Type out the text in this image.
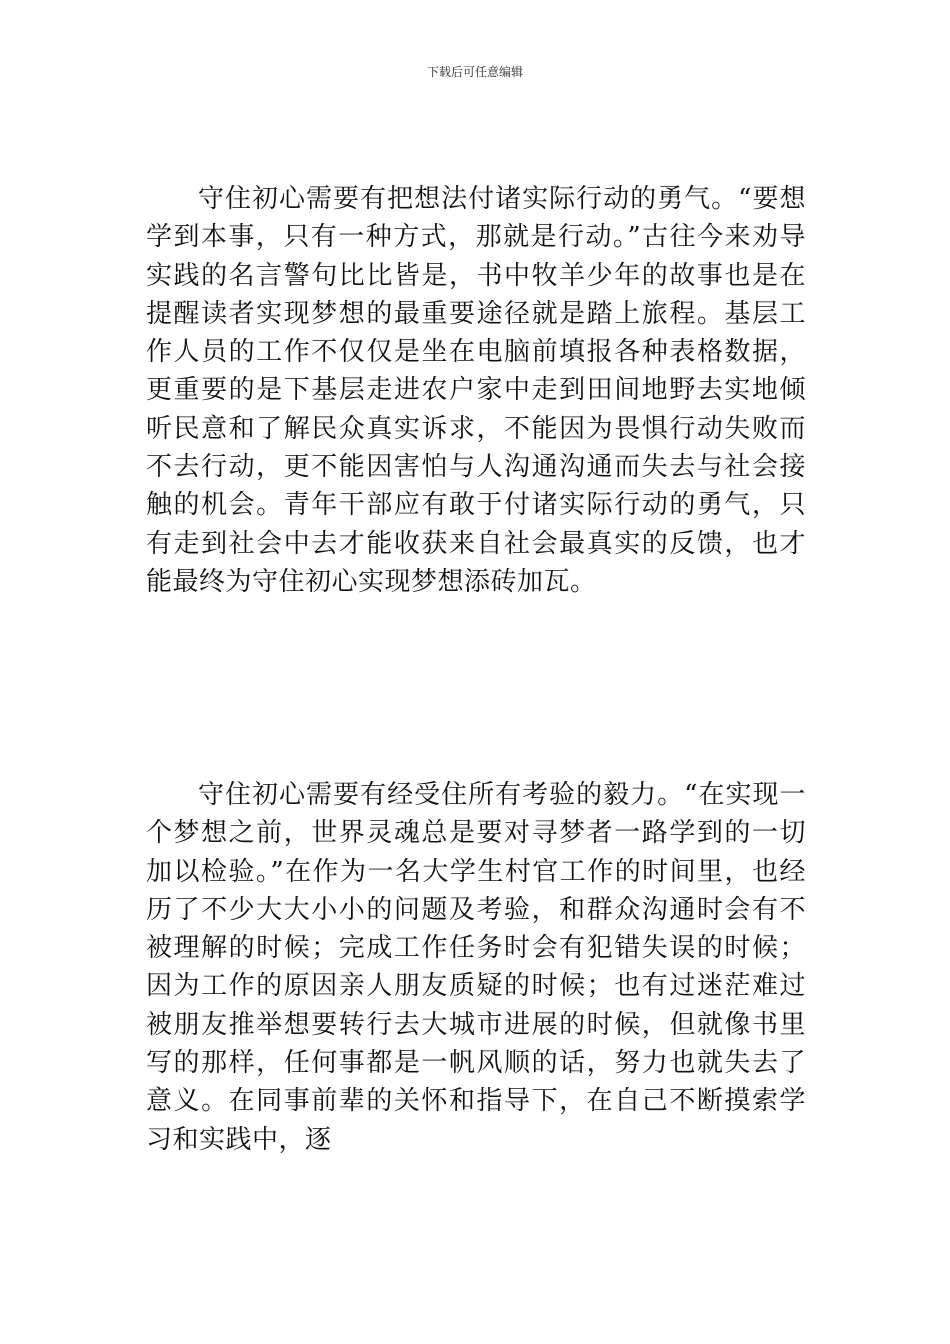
下载后可任意编辑

守住初心需要有把想法付诸实际行动的勇气。“要想学到本事，只有一种方式，那就是行动。”古往今来劝导实践的名言警句比比皆是，书中牧羊少年的故事也是在提醒读者实现梦想的最重要途径就是踏上旅程。基层工作人员的工作不仅仅是坐在电脑前填报各种表格数据，更重要的是下基层走进农户家中走到田间地野去实地倾听民意和了解民众真实诉求，不能因为畏惧行动失败而不去行动，更不能因害怕与人沟通沟通而失去与社会接触的机会。青年干部应有敢于付诸实际行动的勇气，只有走到社会中去才能收获来自社会最真实的反馈，也才能最终为守住初心实现梦想添砖加瓦。

守住初心需要有经受住所有考验的毅力。“在实现一个梦想之前，世界灵魂总是要对寻梦者一路学到的一切加以检验。”在作为一名大学生村官工作的时间里，也经历了不少大大小小的问题及考验，和群众沟通时会有不被理解的时候；完成工作任务时会有犯错失误的时候；因为工作的原因亲人朋友质疑的时候；也有过迷茫难过被朋友推举想要转行去大城市进展的时候，但就像书里写的那样，任何事都是一帆风顺的话，努力也就失去了意义。在同事前辈的关怀和指导下，在自己不断摸索学习和实践中，逐
